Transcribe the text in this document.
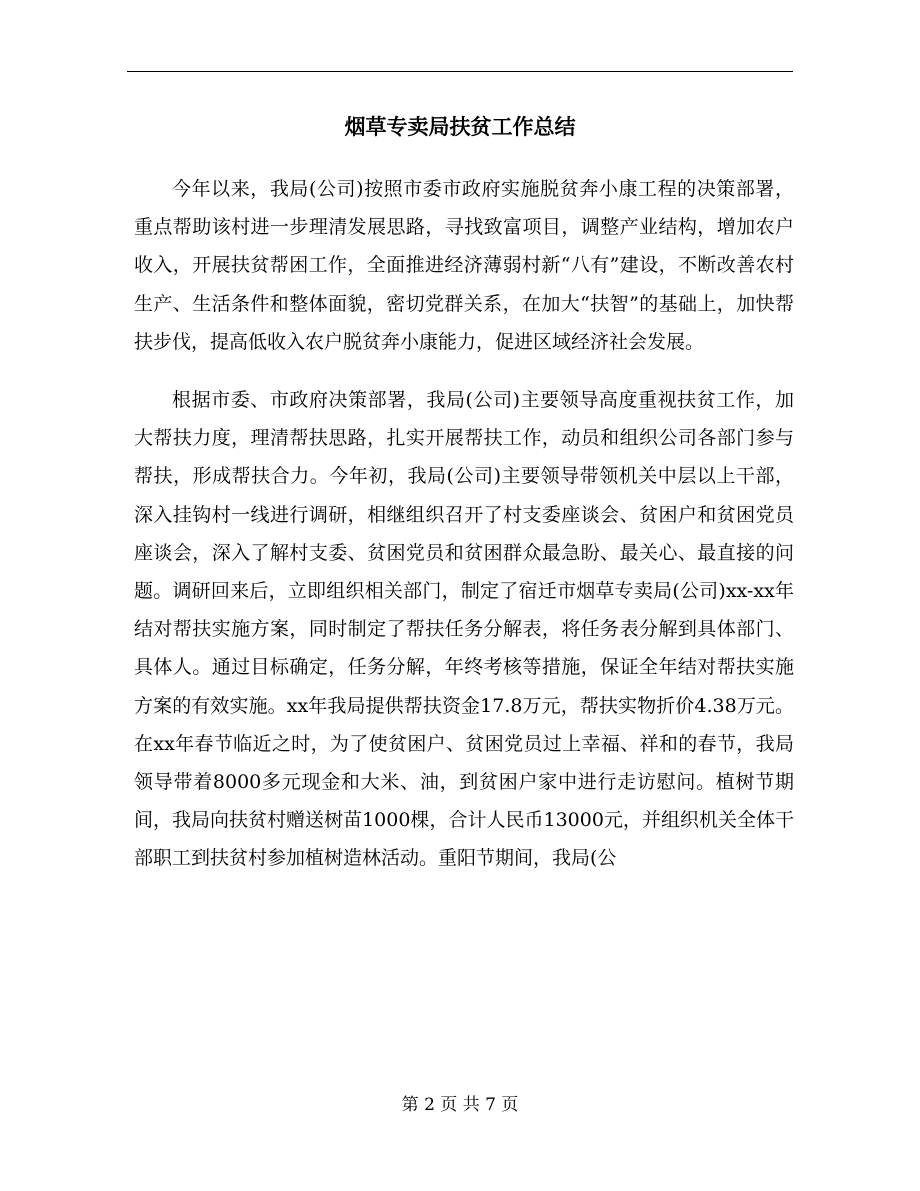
烟草专卖局扶贫工作总结

今年以来，我局(公司)按照市委市政府实施脱贫奔小康工程的决策部署，重点帮助该村进一步理清发展思路，寻找致富项目，调整产业结构，增加农户收入，开展扶贫帮困工作，全面推进经济薄弱村新“八有”建设，不断改善农村生产、生活条件和整体面貌，密切党群关系，在加大“扶智”的基础上，加快帮扶步伐，提高低收入农户脱贫奔小康能力，促进区域经济社会发展。

根据市委、市政府决策部署，我局(公司)主要领导高度重视扶贫工作，加大帮扶力度，理清帮扶思路，扎实开展帮扶工作，动员和组织公司各部门参与帮扶，形成帮扶合力。今年初，我局(公司)主要领导带领机关中层以上干部，深入挂钩村一线进行调研，相继组织召开了村支委座谈会、贫困户和贫困党员座谈会，深入了解村支委、贫困党员和贫困群众最急盼、最关心、最直接的问题。调研回来后，立即组织相关部门，制定了宿迁市烟草专卖局(公司)xx-xx年结对帮扶实施方案，同时制定了帮扶任务分解表，将任务表分解到具体部门、具体人。通过目标确定，任务分解，年终考核等措施，保证全年结对帮扶实施方案的有效实施。xx年我局提供帮扶资金17.8万元，帮扶实物折价4.38万元。在xx年春节临近之时，为了使贫困户、贫困党员过上幸福、祥和的春节，我局领导带着8000多元现金和大米、油，到贫困户家中进行走访慰问。植树节期间，我局向扶贫村赠送树苗1000棵，合计人民币13000元，并组织机关全体干部职工到扶贫村参加植树造林活动。重阳节期间，我局(公

第 2 页 共 7 页
